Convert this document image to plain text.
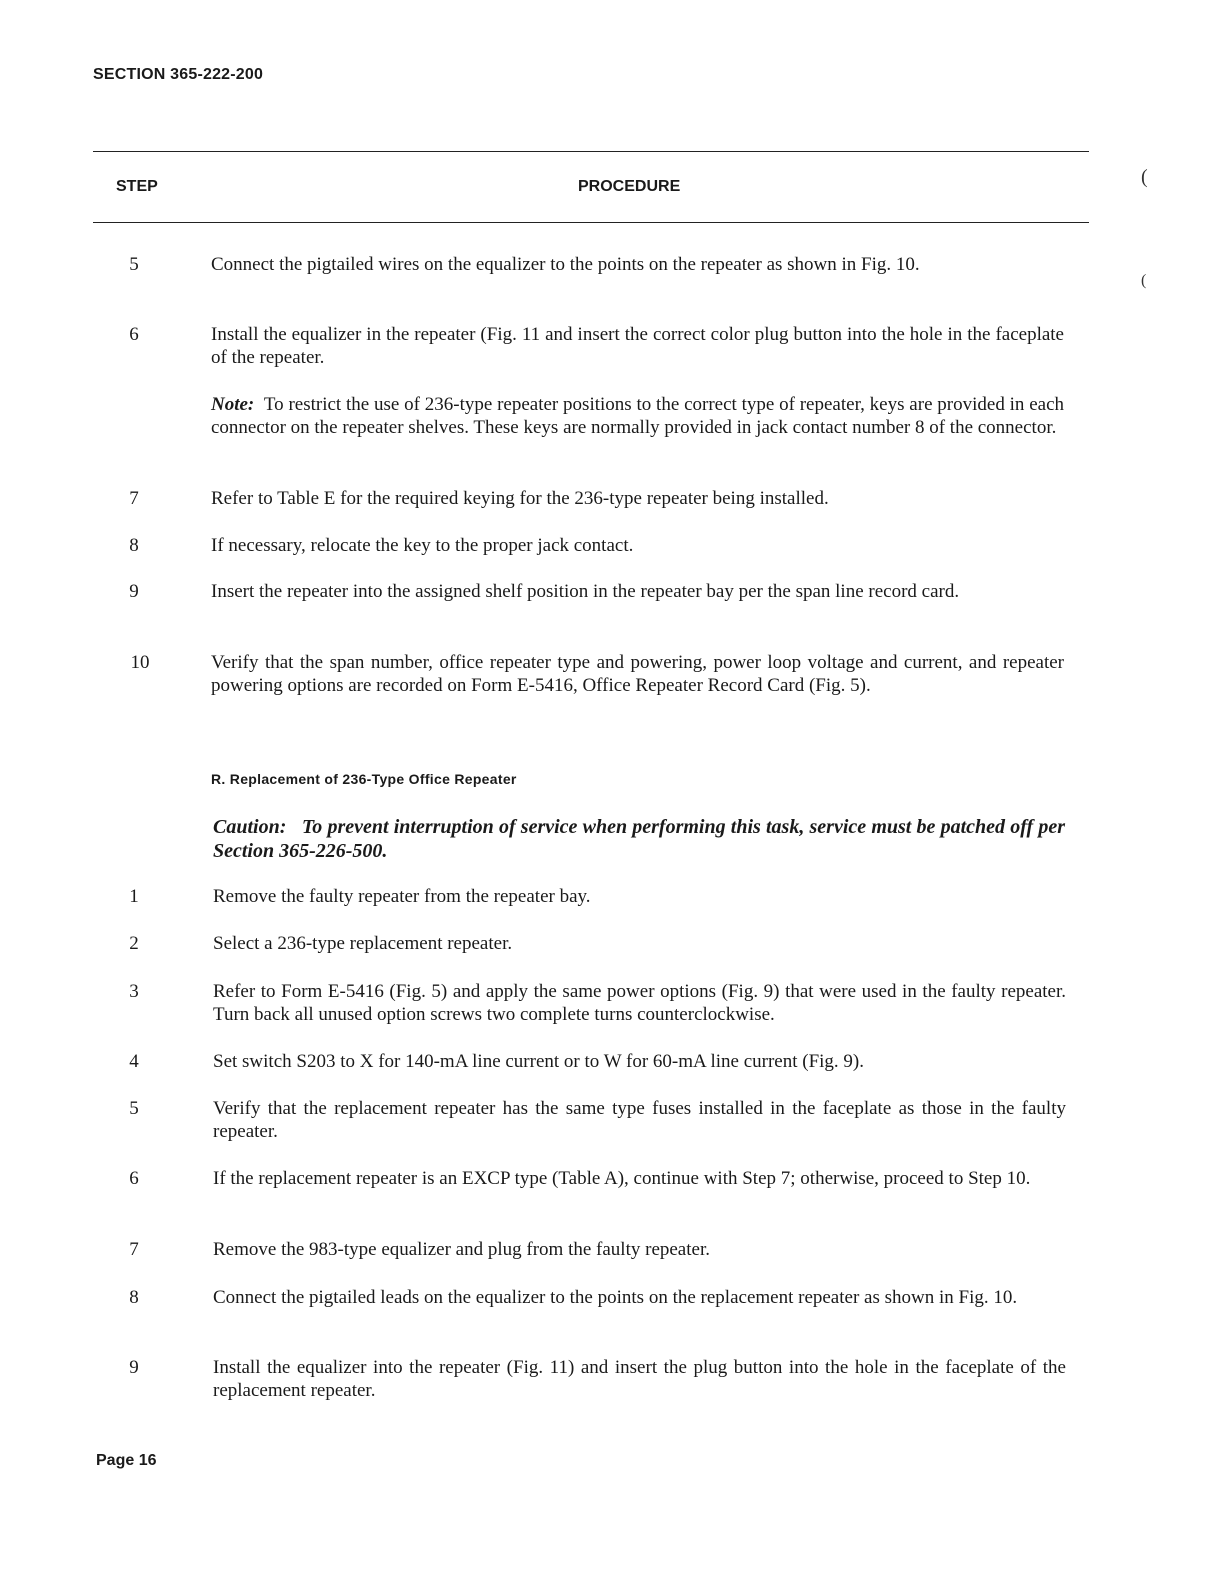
SECTION 365-222-200
STEP	PROCEDURE
5	Connect the pigtailed wires on the equalizer to the points on the repeater as shown in Fig. 10.
6	Install the equalizer in the repeater (Fig. 11 and insert the correct color plug button into the hole in the faceplate of the repeater.
Note: To restrict the use of 236-type repeater positions to the correct type of repeater, keys are provided in each connector on the repeater shelves. These keys are normally provided in jack contact number 8 of the connector.
7	Refer to Table E for the required keying for the 236-type repeater being installed.
8	If necessary, relocate the key to the proper jack contact.
9	Insert the repeater into the assigned shelf position in the repeater bay per the span line record card.
10	Verify that the span number, office repeater type and powering, power loop voltage and current, and repeater powering options are recorded on Form E-5416, Office Repeater Record Card (Fig. 5).
R. Replacement of 236-Type Office Repeater
Caution: To prevent interruption of service when performing this task, service must be patched off per Section 365-226-500.
1	Remove the faulty repeater from the repeater bay.
2	Select a 236-type replacement repeater.
3	Refer to Form E-5416 (Fig. 5) and apply the same power options (Fig. 9) that were used in the faulty repeater. Turn back all unused option screws two complete turns counterclockwise.
4	Set switch S203 to X for 140-mA line current or to W for 60-mA line current (Fig. 9).
5	Verify that the replacement repeater has the same type fuses installed in the faceplate as those in the faulty repeater.
6	If the replacement repeater is an EXCP type (Table A), continue with Step 7; otherwise, proceed to Step 10.
7	Remove the 983-type equalizer and plug from the faulty repeater.
8	Connect the pigtailed leads on the equalizer to the points on the replacement repeater as shown in Fig. 10.
9	Install the equalizer into the repeater (Fig. 11) and insert the plug button into the hole in the faceplate of the replacement repeater.
Page 16
(
(
